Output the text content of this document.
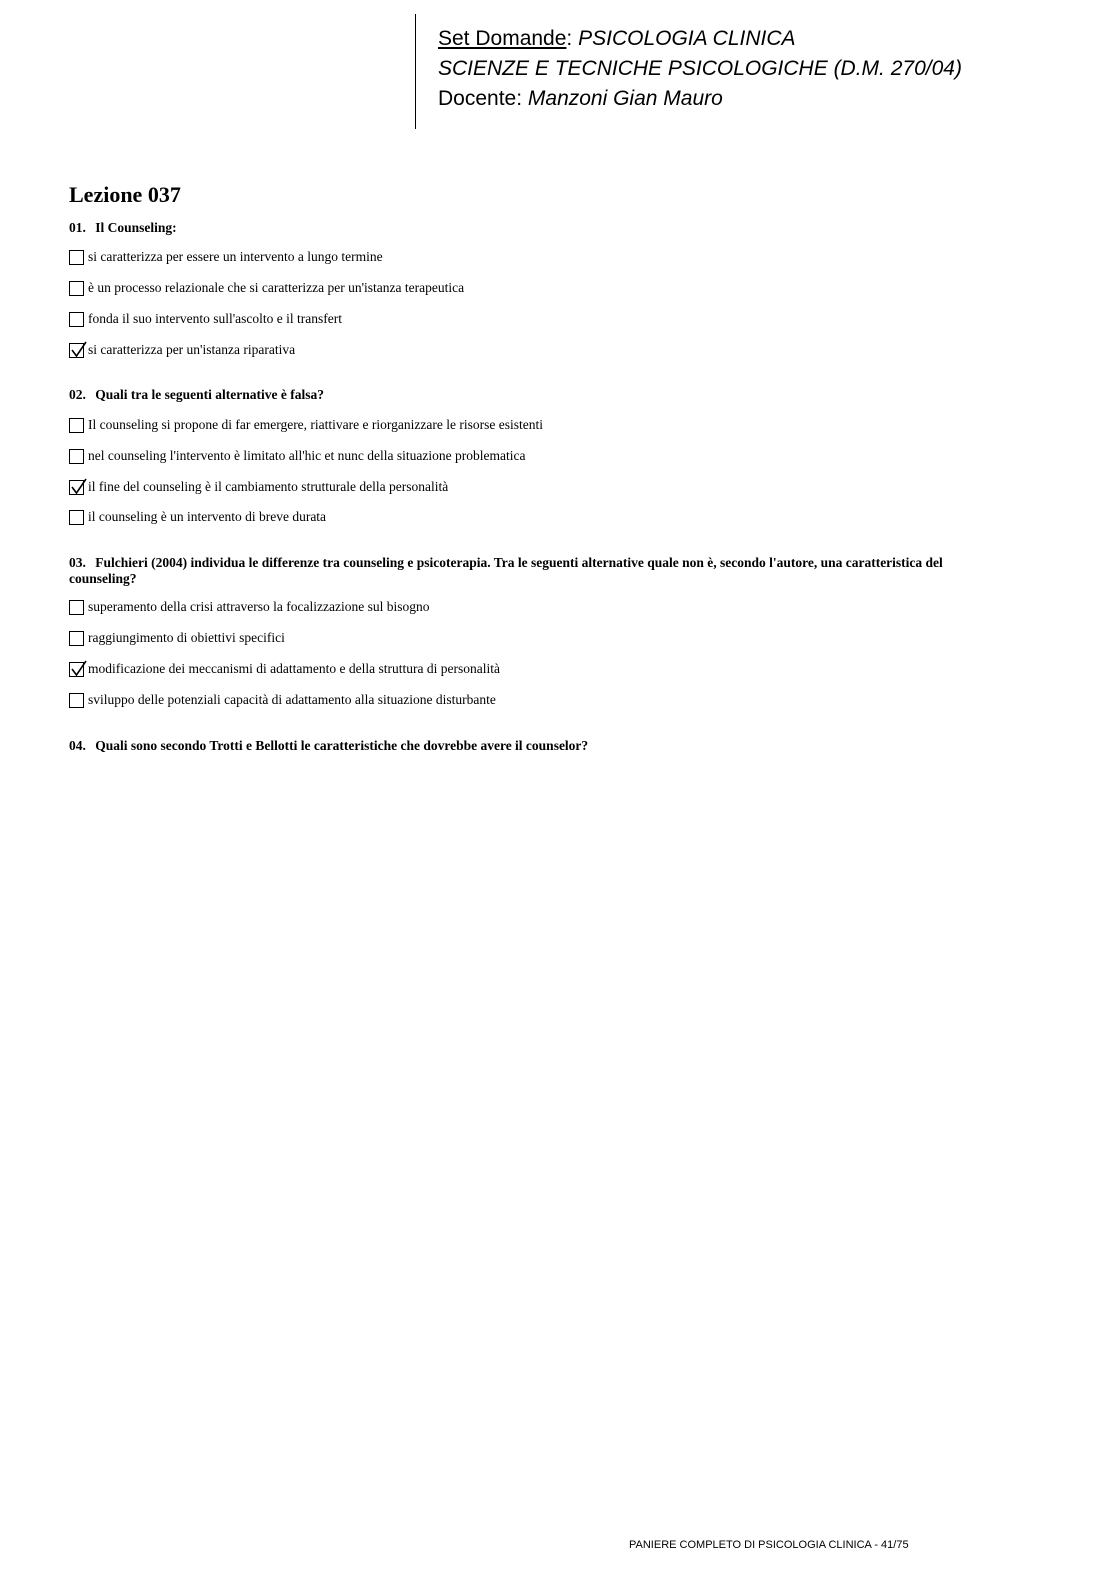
Set Domande: PSICOLOGIA CLINICA
SCIENZE E TECNICHE PSICOLOGICHE (D.M. 270/04)
Docente: Manzoni Gian Mauro
Lezione 037
01. Il Counseling:
si caratterizza per essere un intervento a lungo termine
è un processo relazionale che si caratterizza per un'istanza terapeutica
fonda il suo intervento sull'ascolto e il transfert
si caratterizza per un'istanza riparativa
02. Quali tra le seguenti alternative è falsa?
Il counseling si propone di far emergere, riattivare e riorganizzare le risorse esistenti
nel counseling l'intervento è limitato all'hic et nunc della situazione problematica
il fine del counseling è il cambiamento strutturale della personalità
il counseling è un intervento di breve durata
03. Fulchieri (2004) individua le differenze tra counseling e psicoterapia. Tra le seguenti alternative quale non è, secondo l'autore, una caratteristica del counseling?
superamento della crisi attraverso la focalizzazione sul bisogno
raggiungimento di obiettivi specifici
modificazione dei meccanismi di adattamento e della struttura di personalità
sviluppo delle potenziali capacità di adattamento alla situazione disturbante
04. Quali sono secondo Trotti e Bellotti le caratteristiche che dovrebbe avere il counselor?
PANIERE COMPLETO DI PSICOLOGIA CLINICA - 41/75
